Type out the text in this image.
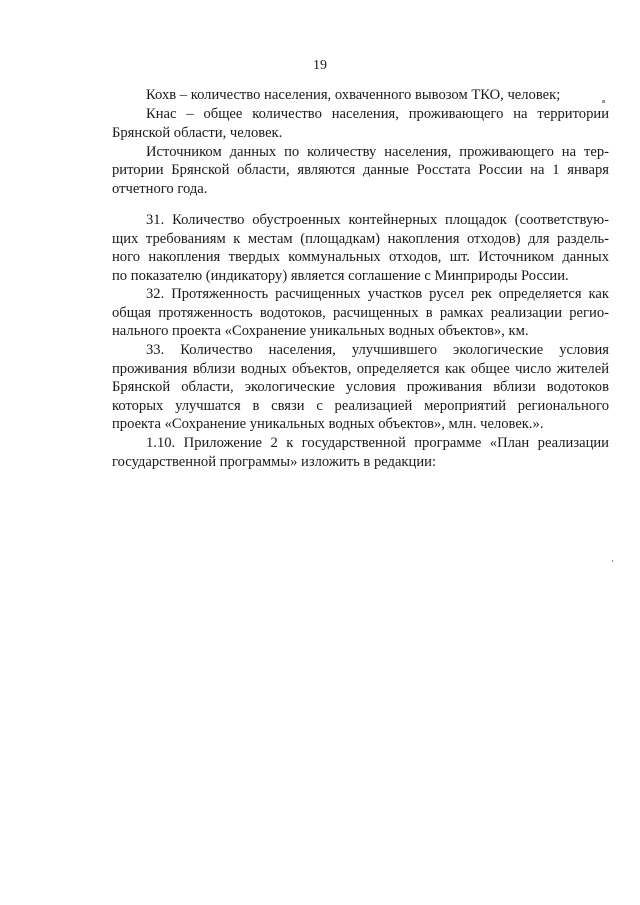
19
Кохв – количество населения, охваченного вывозом ТКО, человек;
Кнас – общее количество населения, проживающего на территории
Брянской области, человек.
Источником данных по количеству населения, проживающего на тер-
ритории Брянской области, являются данные Росстата России на 1 января
отчетного года.
31. Количество обустроенных контейнерных площадок (соответствую-
щих требованиям к местам (площадкам) накопления отходов) для раздель-
ного накопления твердых коммунальных отходов, шт. Источником данных
по показателю (индикатору) является соглашение с Минприроды России.
32. Протяженность расчищенных участков русел рек определяется как
общая протяженность водотоков, расчищенных в рамках реализации регио-
нального проекта «Сохранение уникальных водных объектов», км.
33. Количество населения, улучшившего экологические условия
проживания вблизи водных объектов, определяется как общее число жителей
Брянской области, экологические условия проживания вблизи водотоков
которых улучшатся в связи с реализацией мероприятий регионального
проекта «Сохранение уникальных водных объектов», млн. человек.».
1.10. Приложение 2 к государственной программе «План реализации
государственной программы» изложить в редакции:
